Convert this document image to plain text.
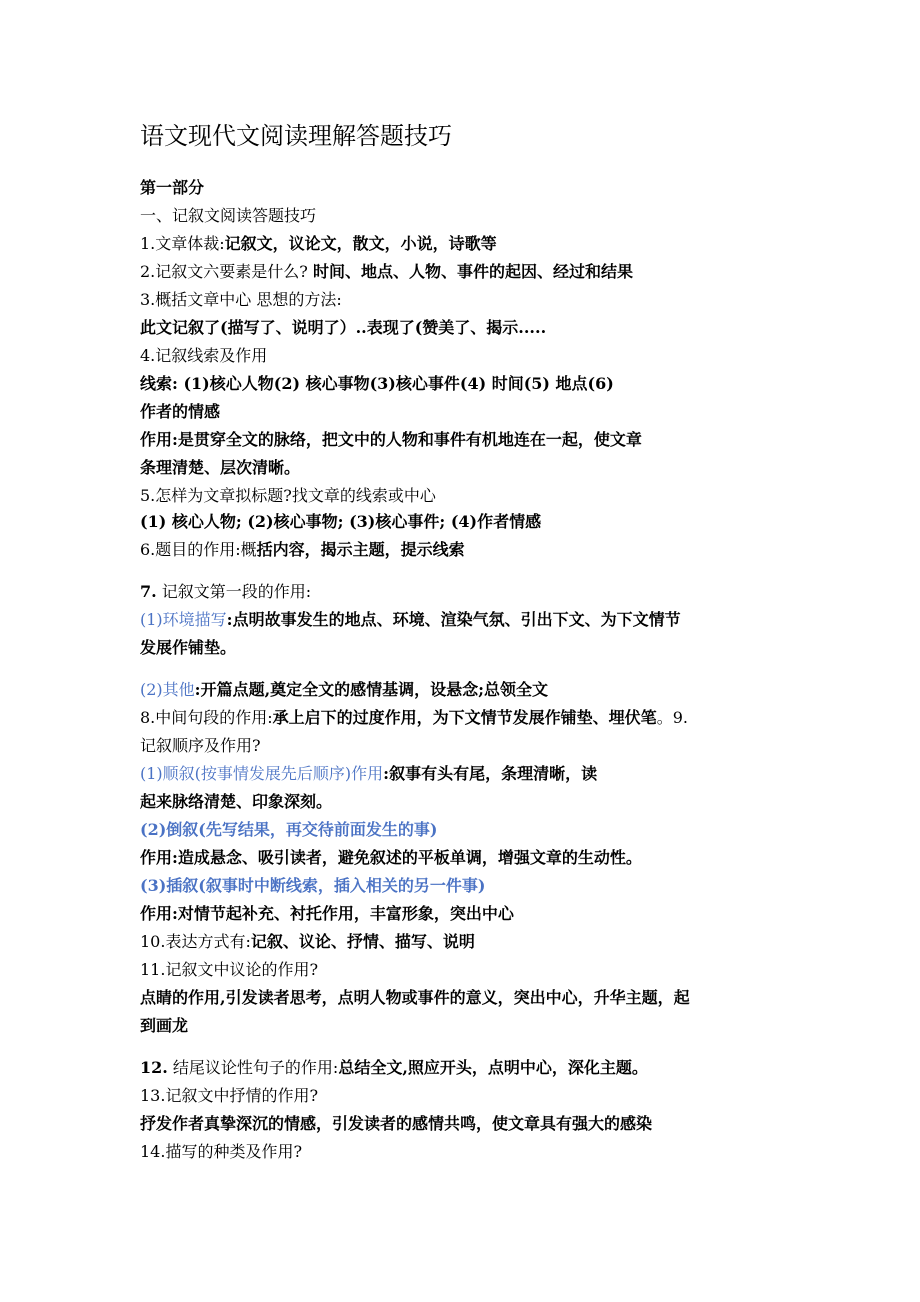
语文现代文阅读理解答题技巧
第一部分
一、记叙文阅读答题技巧
1.文章体裁:记叙文，议论文，散文，小说，诗歌等
2.记叙文六要素是什么? 时间、地点、人物、事件的起因、经过和结果
3.概括文章中心 思想的方法:
此文记叙了(描写了、说明了）..表现了(赞美了、揭示.....
4.记叙线索及作用
线索: (1)核心人物(2) 核心事物(3)核心事件(4) 时间(5) 地点(6)
作者的情感
作用:是贯穿全文的脉络，把文中的人物和事件有机地连在一起，使文章
条理清楚、层次清晰。
5.怎样为文章拟标题?找文章的线索或中心
(1) 核心人物; (2)核心事物; (3)核心事件; (4)作者情感
6.题目的作用:概括内容，揭示主题，提示线索
7. 记叙文第一段的作用:
(1)环境描写:点明故事发生的地点、环境、渲染气氛、引出下文、为下文情节
发展作铺垫。
(2)其他:开篇点题,奠定全文的感情基调，设悬念;总领全文
8.中间句段的作用:承上启下的过度作用，为下文情节发展作铺垫、埋伏笔。9.
记叙顺序及作用?
(1)顺叙(按事情发展先后顺序)作用:叙事有头有尾，条理清晰，读
起来脉络清楚、印象深刻。
(2)倒叙(先写结果，再交待前面发生的事)
作用:造成悬念、吸引读者，避免叙述的平板单调，增强文章的生动性。
(3)插叙(叙事时中断线索，插入相关的另一件事)
作用:对情节起补充、衬托作用，丰富形象，突出中心
10.表达方式有:记叙、议论、抒情、描写、说明
11.记叙文中议论的作用?
点睛的作用,引发读者思考，点明人物或事件的意义，突出中心，升华主题，起
到画龙
12. 结尾议论性句子的作用:总结全文,照应开头，点明中心，深化主题。
13.记叙文中抒情的作用?
抒发作者真挚深沉的情感，引发读者的感情共鸣，使文章具有强大的感染
14.描写的种类及作用?
